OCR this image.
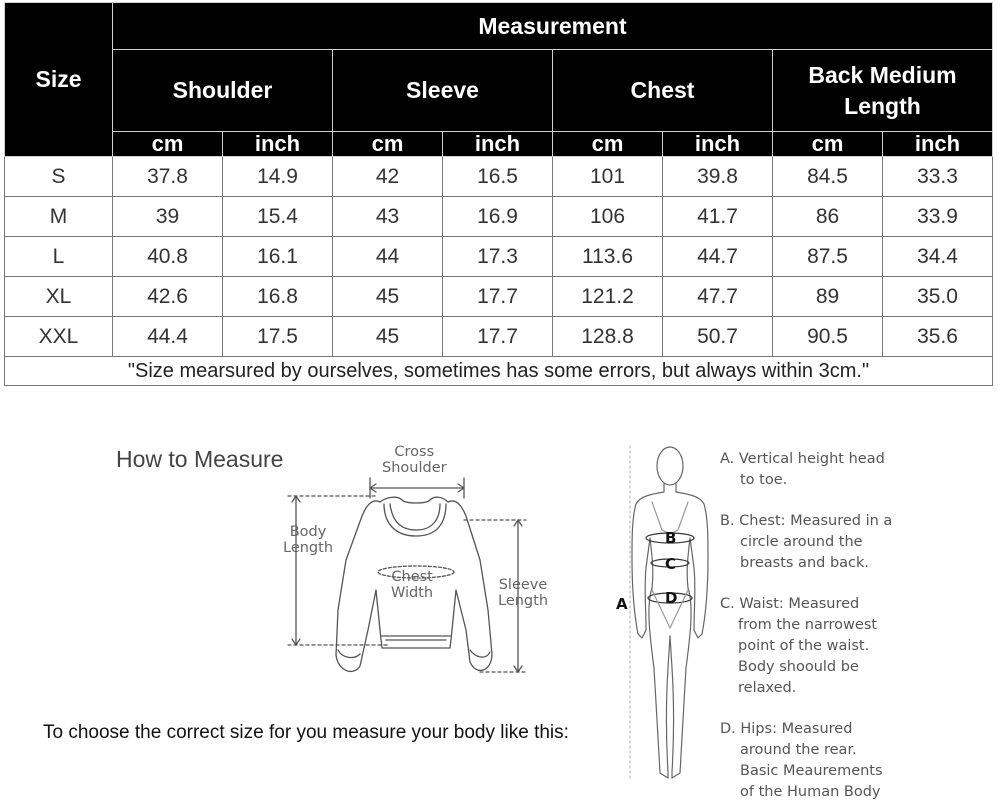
Size	Measurement							
	Shoulder		Sleeve		Chest		Back Medium Length	
	cm	inch	cm	inch	cm	inch	cm	inch
S	37.8	14.9	42	16.5	101	39.8	84.5	33.3
M	39	15.4	43	16.9	106	41.7	86	33.9
L	40.8	16.1	44	17.3	113.6	44.7	87.5	34.4
XL	42.6	16.8	45	17.7	121.2	47.7	89	35.0
XXL	44.4	17.5	45	17.7	128.8	50.7	90.5	35.6
"Size mearsured by ourselves, sometimes has some errors, but always within 3cm."								
How to Measure	Cross
Shoulder
Body
Length
Chest
Width	Sleeve
Length
To choose the correct size for you measure your body like this:
A
B
C
D
A. Vertical height head
to toe.
B. Chest: Measured in a
circle around the
breasts and back.
C. Waist: Measured
from the narrowest
point of the waist.
Body shoould be
relaxed.
D. Hips: Measured
around the rear.
Basic Meaurements
of the Human Body
